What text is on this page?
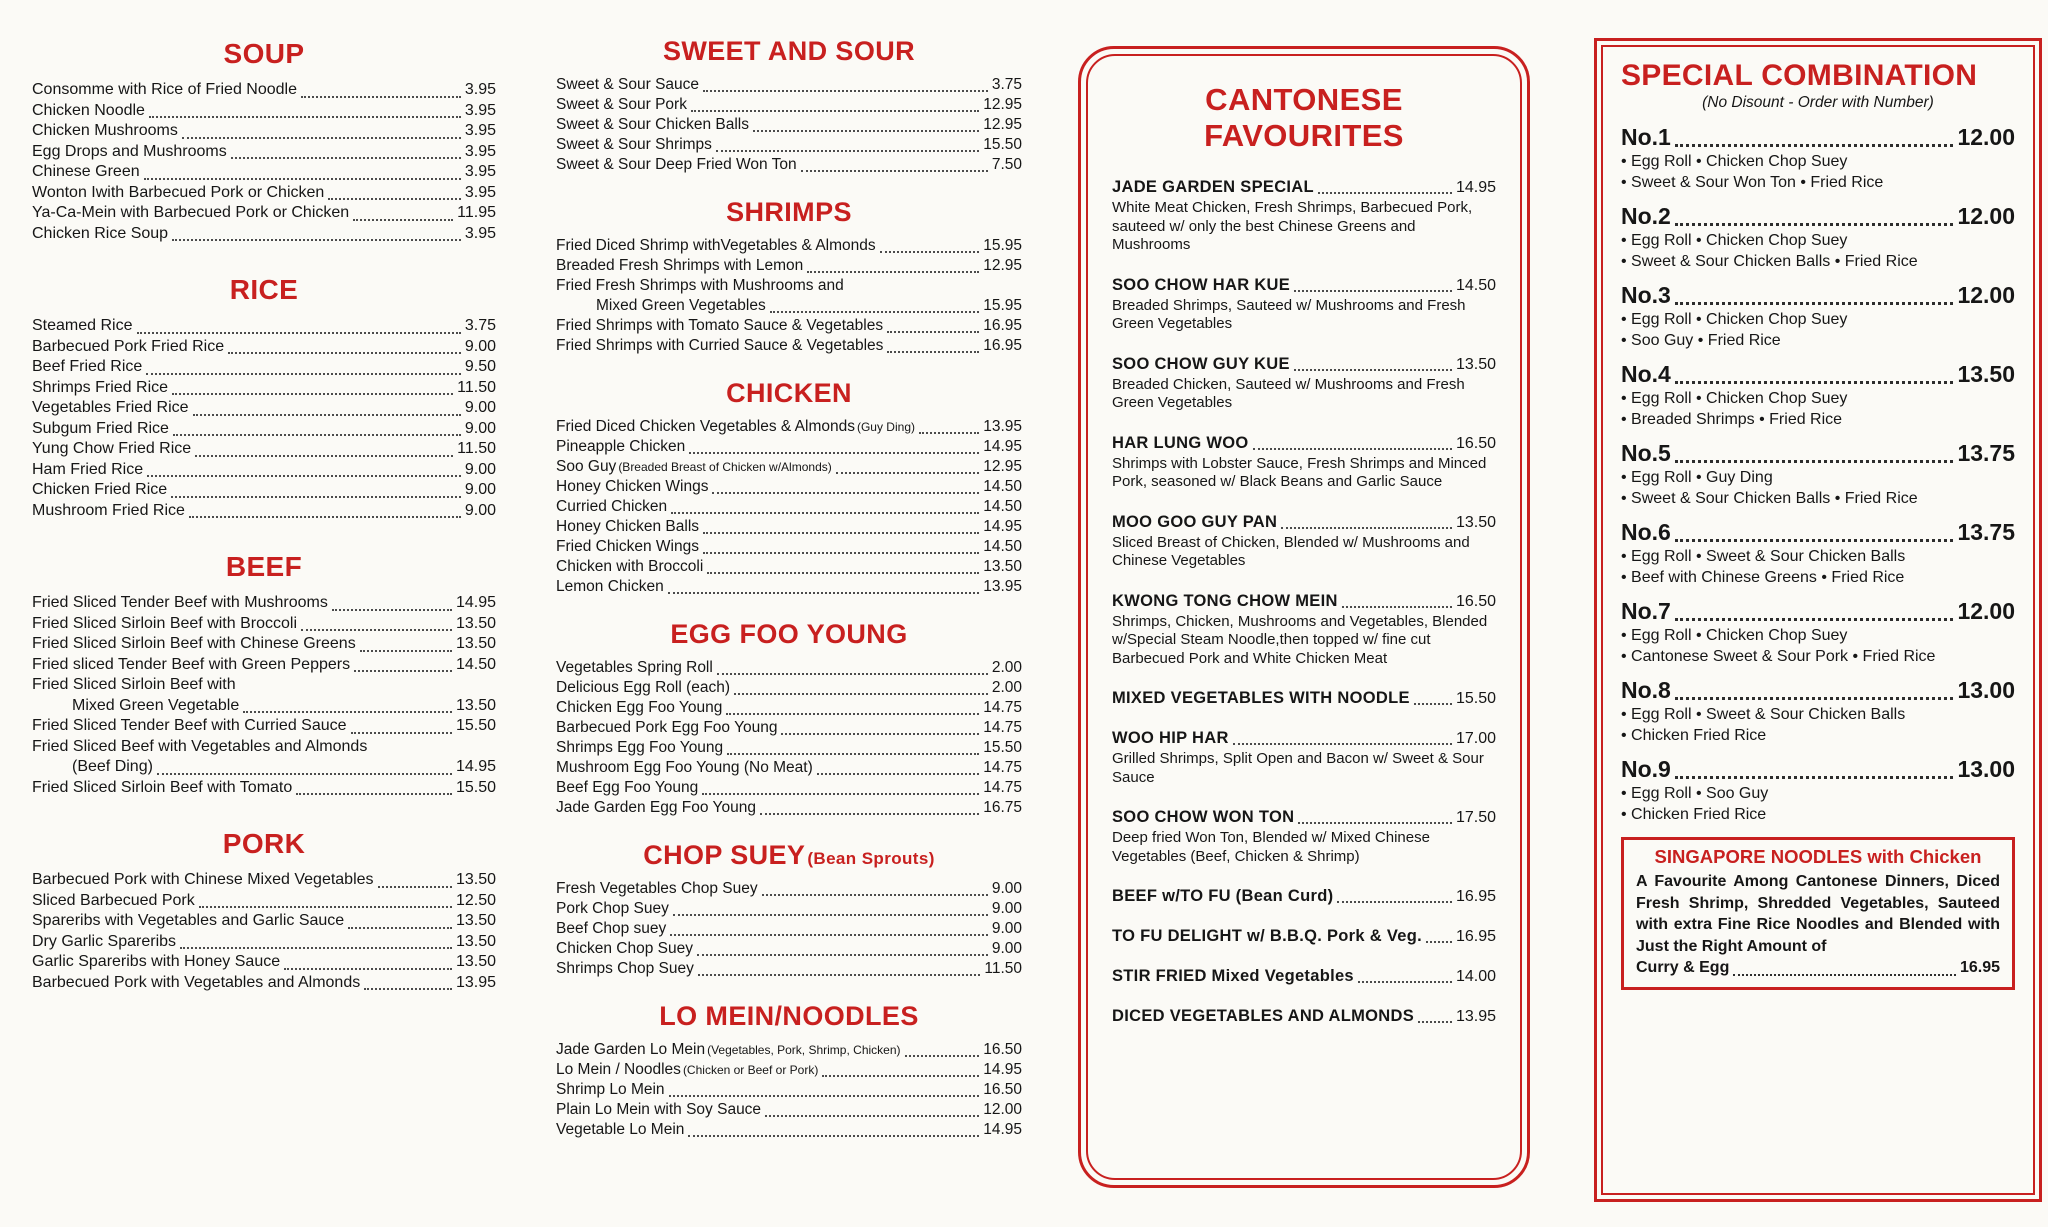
SOUP
Consomme with Rice of Fried Noodle	3.95
Chicken Noodle	3.95
Chicken Mushrooms	3.95
Egg Drops and Mushrooms	3.95
Chinese Green	3.95
Wonton Iwith Barbecued Pork or Chicken	3.95
Ya-Ca-Mein with Barbecued Pork or Chicken	11.95
Chicken Rice Soup	3.95
RICE
Steamed Rice	3.75
Barbecued Pork Fried Rice	9.00
Beef Fried Rice	9.50
Shrimps Fried Rice	11.50
Vegetables Fried Rice	9.00
Subgum Fried Rice	9.00
Yung Chow Fried Rice	11.50
Ham Fried Rice	9.00
Chicken Fried Rice	9.00
Mushroom Fried Rice	9.00
BEEF
Fried Sliced Tender Beef with Mushrooms	14.95
Fried Sliced Sirloin Beef with Broccoli	13.50
Fried Sliced Sirloin Beef with Chinese Greens	13.50
Fried sliced Tender Beef with Green Peppers	14.50
Fried Sliced Sirloin Beef with
Mixed Green Vegetable	13.50
Fried Sliced Tender Beef with Curried Sauce	15.50
Fried Sliced Beef with Vegetables and Almonds
(Beef Ding)	14.95
Fried Sliced Sirloin Beef with Tomato	15.50
PORK
Barbecued Pork with Chinese Mixed Vegetables	13.50
Sliced Barbecued Pork	12.50
Spareribs with Vegetables and Garlic Sauce	13.50
Dry Garlic Spareribs	13.50
Garlic Spareribs with Honey Sauce	13.50
Barbecued Pork with Vegetables and Almonds	13.95
SWEET AND SOUR
Sweet & Sour Sauce	3.75
Sweet & Sour Pork	12.95
Sweet & Sour Chicken Balls	12.95
Sweet & Sour Shrimps	15.50
Sweet & Sour Deep Fried Won Ton	7.50
SHRIMPS
Fried Diced Shrimp withVegetables & Almonds	15.95
Breaded Fresh Shrimps with Lemon	12.95
Fried Fresh Shrimps with Mushrooms and
Mixed Green Vegetables	15.95
Fried Shrimps with Tomato Sauce & Vegetables	16.95
Fried Shrimps with Curried Sauce & Vegetables	16.95
CHICKEN
Fried Diced Chicken Vegetables & Almonds (Guy Ding)	13.95
Pineapple Chicken	14.95
Soo Guy (Breaded Breast of Chicken w/Almonds)	12.95
Honey Chicken Wings	14.50
Curried Chicken	14.50
Honey Chicken Balls	14.95
Fried Chicken Wings	14.50
Chicken with Broccoli	13.50
Lemon Chicken	13.95
EGG FOO YOUNG
Vegetables Spring Roll	2.00
Delicious Egg Roll (each)	2.00
Chicken Egg Foo Young	14.75
Barbecued Pork Egg Foo Young	14.75
Shrimps Egg Foo Young	15.50
Mushroom Egg Foo Young (No Meat)	14.75
Beef Egg Foo Young	14.75
Jade Garden Egg Foo Young	16.75
CHOP SUEY (Bean Sprouts)
Fresh Vegetables Chop Suey	9.00
Pork Chop Suey	9.00
Beef Chop suey	9.00
Chicken Chop Suey	9.00
Shrimps Chop Suey	11.50
LO MEIN/NOODLES
Jade Garden Lo Mein (Vegetables, Pork, Shrimp, Chicken)	16.50
Lo Mein / Noodles (Chicken or Beef or Pork)	14.95
Shrimp Lo Mein	16.50
Plain Lo Mein with Soy Sauce	12.00
Vegetable Lo Mein	14.95
CANTONESE FAVOURITES
JADE GARDEN SPECIAL	14.95
White Meat Chicken, Fresh Shrimps, Barbecued Pork, sauteed w/ only the best Chinese Greens and Mushrooms
SOO CHOW HAR KUE	14.50
Breaded Shrimps, Sauteed w/ Mushrooms and Fresh Green Vegetables
SOO CHOW GUY KUE	13.50
Breaded Chicken, Sauteed w/ Mushrooms and Fresh Green Vegetables
HAR LUNG WOO	16.50
Shrimps with Lobster Sauce, Fresh Shrimps and Minced Pork, seasoned w/ Black Beans and Garlic Sauce
MOO GOO GUY PAN	13.50
Sliced Breast of Chicken, Blended w/ Mushrooms and Chinese Vegetables
KWONG TONG CHOW MEIN	16.50
Shrimps, Chicken, Mushrooms and Vegetables, Blended w/Special Steam Noodle,then topped w/ fine cut Barbecued Pork and White Chicken Meat
MIXED VEGETABLES WITH NOODLE	15.50
WOO HIP HAR	17.00
Grilled Shrimps, Split Open and Bacon w/ Sweet & Sour Sauce
SOO CHOW WON TON	17.50
Deep fried Won Ton, Blended w/ Mixed Chinese Vegetables (Beef, Chicken & Shrimp)
BEEF w/TO FU (Bean Curd)	16.95
TO FU DELIGHT w/ B.B.Q. Pork & Veg. 16.95
STIR FRIED Mixed Vegetables	14.00
DICED VEGETABLES AND ALMONDS	13.95
SPECIAL COMBINATION
(No Disount - Order with Number)
No.1	12.00
• Egg Roll • Chicken Chop Suey
• Sweet & Sour Won Ton • Fried Rice
No.2	12.00
• Egg Roll • Chicken Chop Suey
• Sweet & Sour Chicken Balls • Fried Rice
No.3	12.00
• Egg Roll • Chicken Chop Suey
• Soo Guy • Fried Rice
No.4	13.50
• Egg Roll • Chicken Chop Suey
• Breaded Shrimps • Fried Rice
No.5	13.75
• Egg Roll • Guy Ding
• Sweet & Sour Chicken Balls • Fried Rice
No.6	13.75
• Egg Roll • Sweet & Sour Chicken Balls
• Beef with Chinese Greens • Fried Rice
No.7	12.00
• Egg Roll • Chicken Chop Suey
• Cantonese Sweet & Sour Pork • Fried Rice
No.8	13.00
• Egg Roll • Sweet & Sour Chicken Balls
• Chicken Fried Rice
No.9	13.00
• Egg Roll • Soo Guy
• Chicken Fried Rice
SINGAPORE NOODLES with Chicken
A Favourite Among Cantonese Dinners, Diced Fresh Shrimp, Shredded Vegetables, Sauteed with extra Fine Rice Noodles and Blended with Just the Right Amount of
Curry & Egg	16.95
